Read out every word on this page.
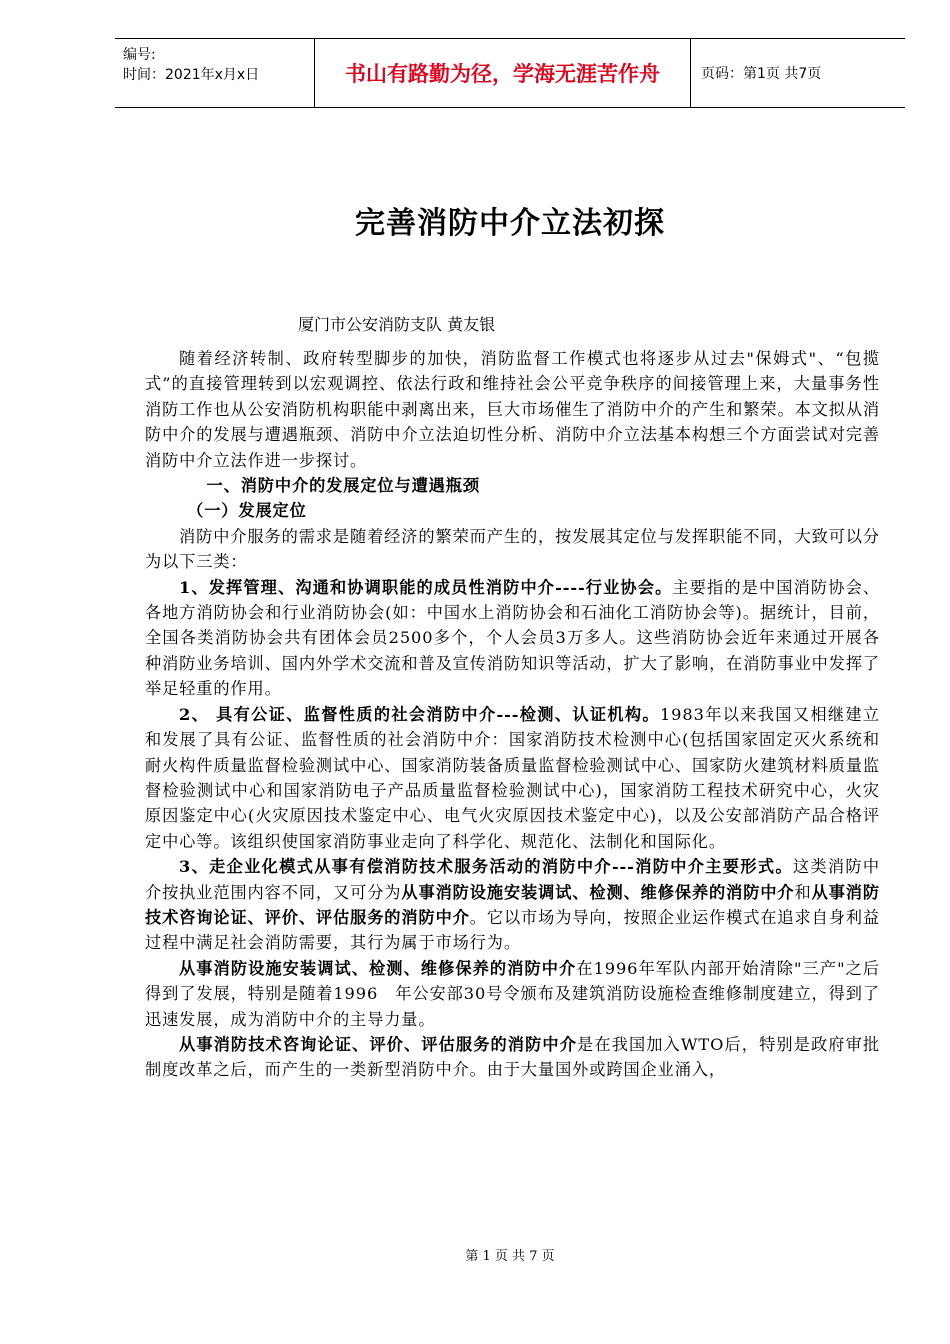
编号:
时间：2021年x月x日	书山有路勤为径，学海无涯苦作舟	页码：第1页 共7页
完善消防中介立法初探
厦门市公安消防支队 黄友银

随着经济转制、政府转型脚步的加快，消防监督工作模式也将逐步从过去"保姆式"、“包揽式”的直接管理转到以宏观调控、依法行政和维持社会公平竞争秩序的间接管理上来，大量事务性消防工作也从公安消防机构职能中剥离出来，巨大市场催生了消防中介的产生和繁荣。本文拟从消防中介的发展与遭遇瓶颈、消防中介立法迫切性分析、消防中介立法基本构想三个方面尝试对完善消防中介立法作进一步探讨。

一、消防中介的发展定位与遭遇瓶颈

（一）发展定位

消防中介服务的需求是随着经济的繁荣而产生的，按发展其定位与发挥职能不同，大致可以分为以下三类：

1、发挥管理、沟通和协调职能的成员性消防中介----行业协会。主要指的是中国消防协会、各地方消防协会和行业消防协会(如：中国水上消防协会和石油化工消防协会等)。据统计，目前，全国各类消防协会共有团体会员2500多个，个人会员3万多人。这些消防协会近年来通过开展各种消防业务培训、国内外学术交流和普及宣传消防知识等活动，扩大了影响，在消防事业中发挥了举足轻重的作用。

2、 具有公证、监督性质的社会消防中介---检测、认证机构。1983年以来我国又相继建立和发展了具有公证、监督性质的社会消防中介：国家消防技术检测中心(包括国家固定灭火系统和耐火构件质量监督检验测试中心、国家消防装备质量监督检验测试中心、国家防火建筑材料质量监督检验测试中心和国家消防电子产品质量监督检验测试中心)，国家消防工程技术研究中心，火灾原因鉴定中心(火灾原因技术鉴定中心、电气火灾原因技术鉴定中心)，以及公安部消防产品合格评定中心等。该组织使国家消防事业走向了科学化、规范化、法制化和国际化。

3、走企业化模式从事有偿消防技术服务活动的消防中介---消防中介主要形式。这类消防中介按执业范围内容不同，又可分为从事消防设施安装调试、检测、维修保养的消防中介和从事消防技术咨询论证、评价、评估服务的消防中介。它以市场为导向，按照企业运作模式在追求自身利益过程中满足社会消防需要，其行为属于市场行为。

从事消防设施安装调试、检测、维修保养的消防中介在1996年军队内部开始清除"三产"之后得到了发展，特别是随着1996　年公安部30号令颁布及建筑消防设施检查维修制度建立，得到了迅速发展，成为消防中介的主导力量。

从事消防技术咨询论证、评价、评估服务的消防中介是在我国加入WTO后，特别是政府审批制度改革之后，而产生的一类新型消防中介。由于大量国外或跨国企业涌入，

第 1 页 共 7 页
